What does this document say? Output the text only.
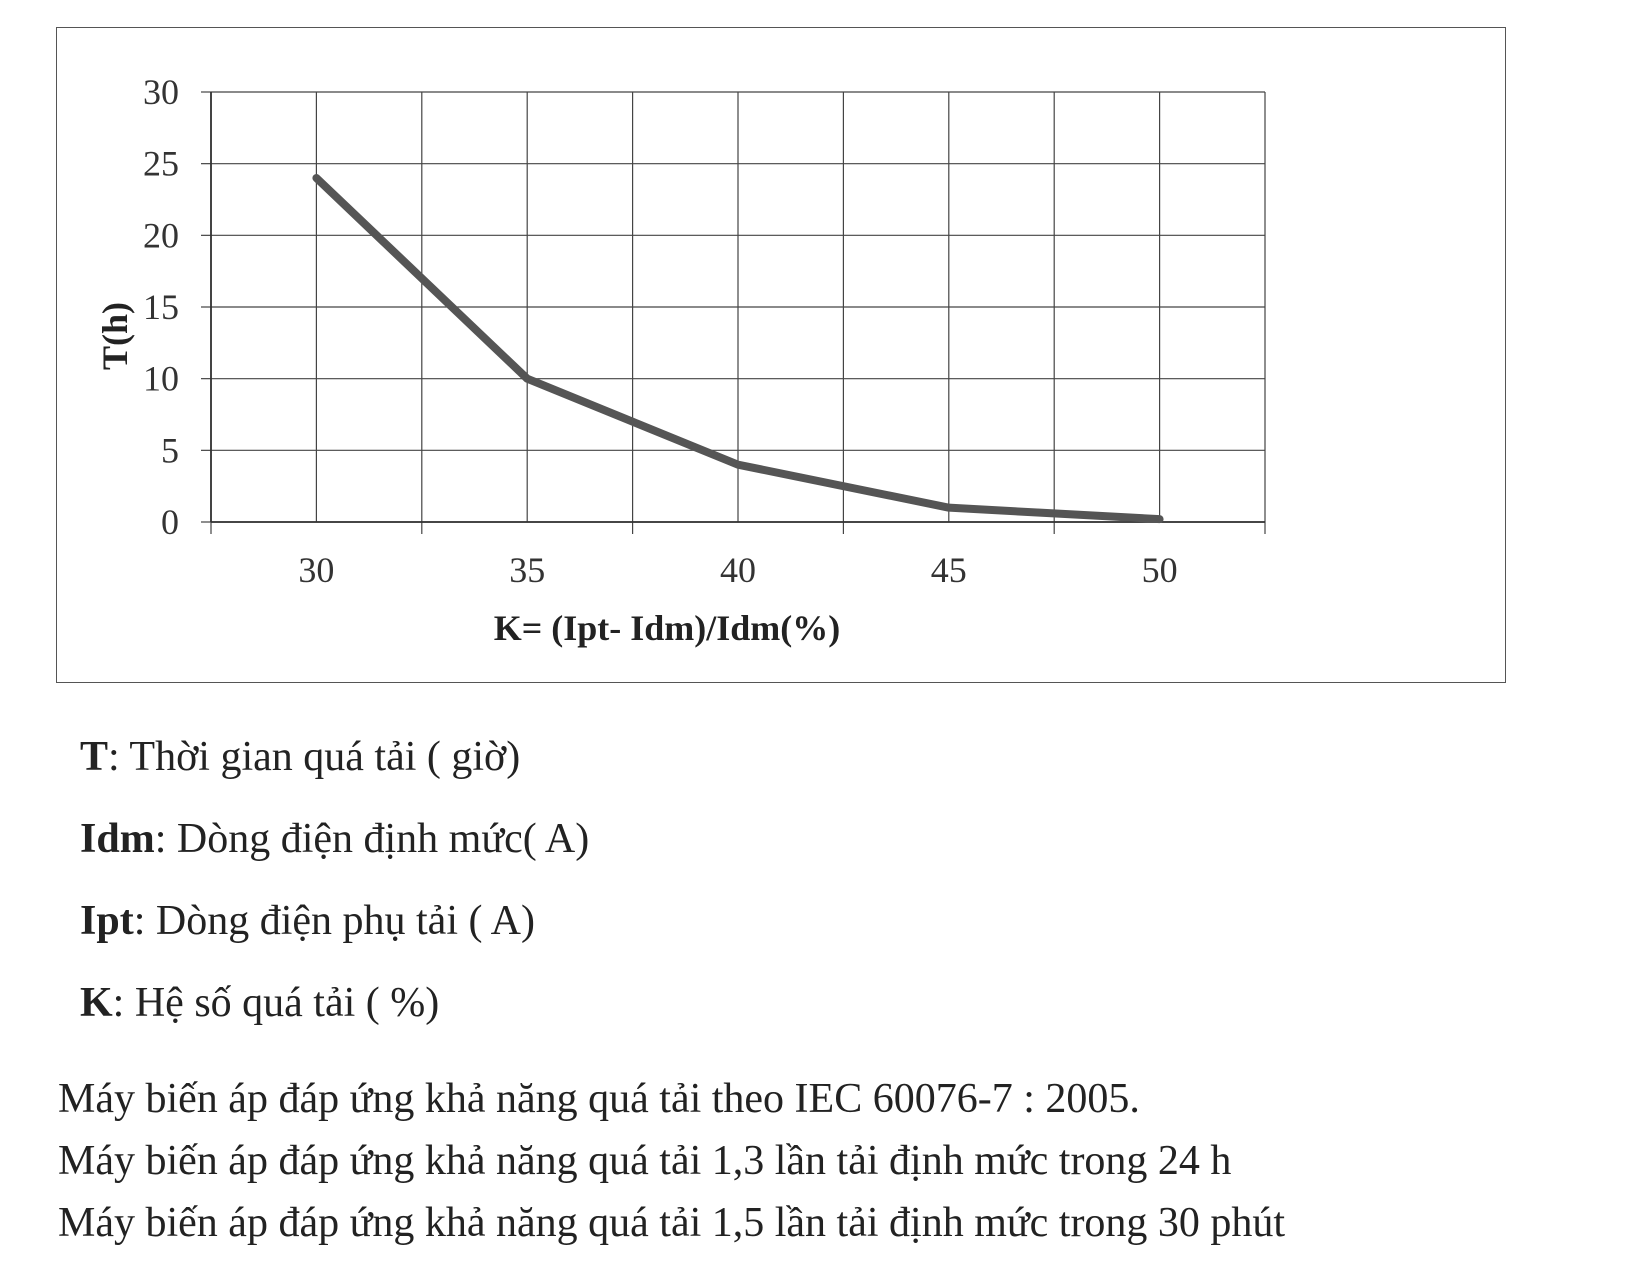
0
5
10
15
20
25
30
30	35	40	45	50
K= (Ipt- Idm)/Idm(%)
T(h)

T: Thời gian quá tải ( giờ)

Idm: Dòng điện định mức( A)

Ipt: Dòng điện phụ tải ( A)

K: Hệ số quá tải ( %)

Máy biến áp đáp ứng khả năng quá tải theo IEC 60076-7 : 2005.

Máy biến áp đáp ứng khả năng quá tải 1,3 lần tải định mức trong 24 h

Máy biến áp đáp ứng khả năng quá tải 1,5 lần tải định mức trong 30 phút
